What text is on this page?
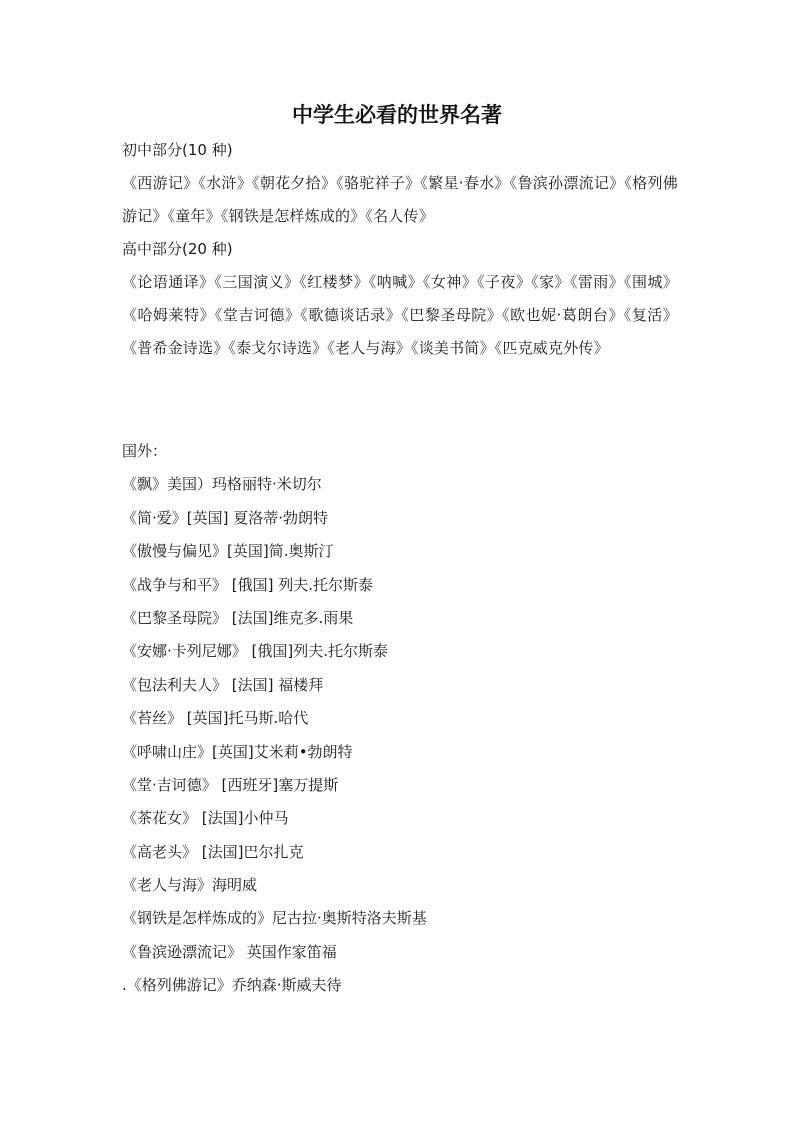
中学生必看的世界名著
初中部分(10 种)
《西游记》《水浒》《朝花夕拾》《骆驼祥子》《繁星·春水》《鲁滨孙漂流记》《格列佛游记》《童年》《钢铁是怎样炼成的》《名人传》
高中部分(20 种)
《论语通译》《三国演义》《红楼梦》《呐喊》《女神》《子夜》《家》《雷雨》《围城》《哈姆莱特》《堂吉诃德》《歌德谈话录》《巴黎圣母院》《欧也妮·葛朗台》《复活》《普希金诗选》《泰戈尔诗选》《老人与海》《谈美书简》《匹克威克外传》
国外：
《飘》美国）玛格丽特·米切尔
《简·爱》[英国] 夏洛蒂·勃朗特
《傲慢与偏见》[英国]简.奥斯汀
《战争与和平》 [俄国] 列夫.托尔斯泰
《巴黎圣母院》 [法国]维克多.雨果
《安娜·卡列尼娜》 [俄国]列夫.托尔斯泰
《包法利夫人》 [法国] 福楼拜
《苔丝》 [英国]托马斯.哈代
《呼啸山庄》[英国]艾米莉•勃朗特
《堂·吉诃德》 [西班牙]塞万提斯
《茶花女》 [法国]小仲马
《高老头》 [法国]巴尔扎克
《老人与海》海明威
《钢铁是怎样炼成的》尼古拉·奥斯特洛夫斯基
《鲁滨逊漂流记》 英国作家笛福
.《格列佛游记》乔纳森·斯威夫待
